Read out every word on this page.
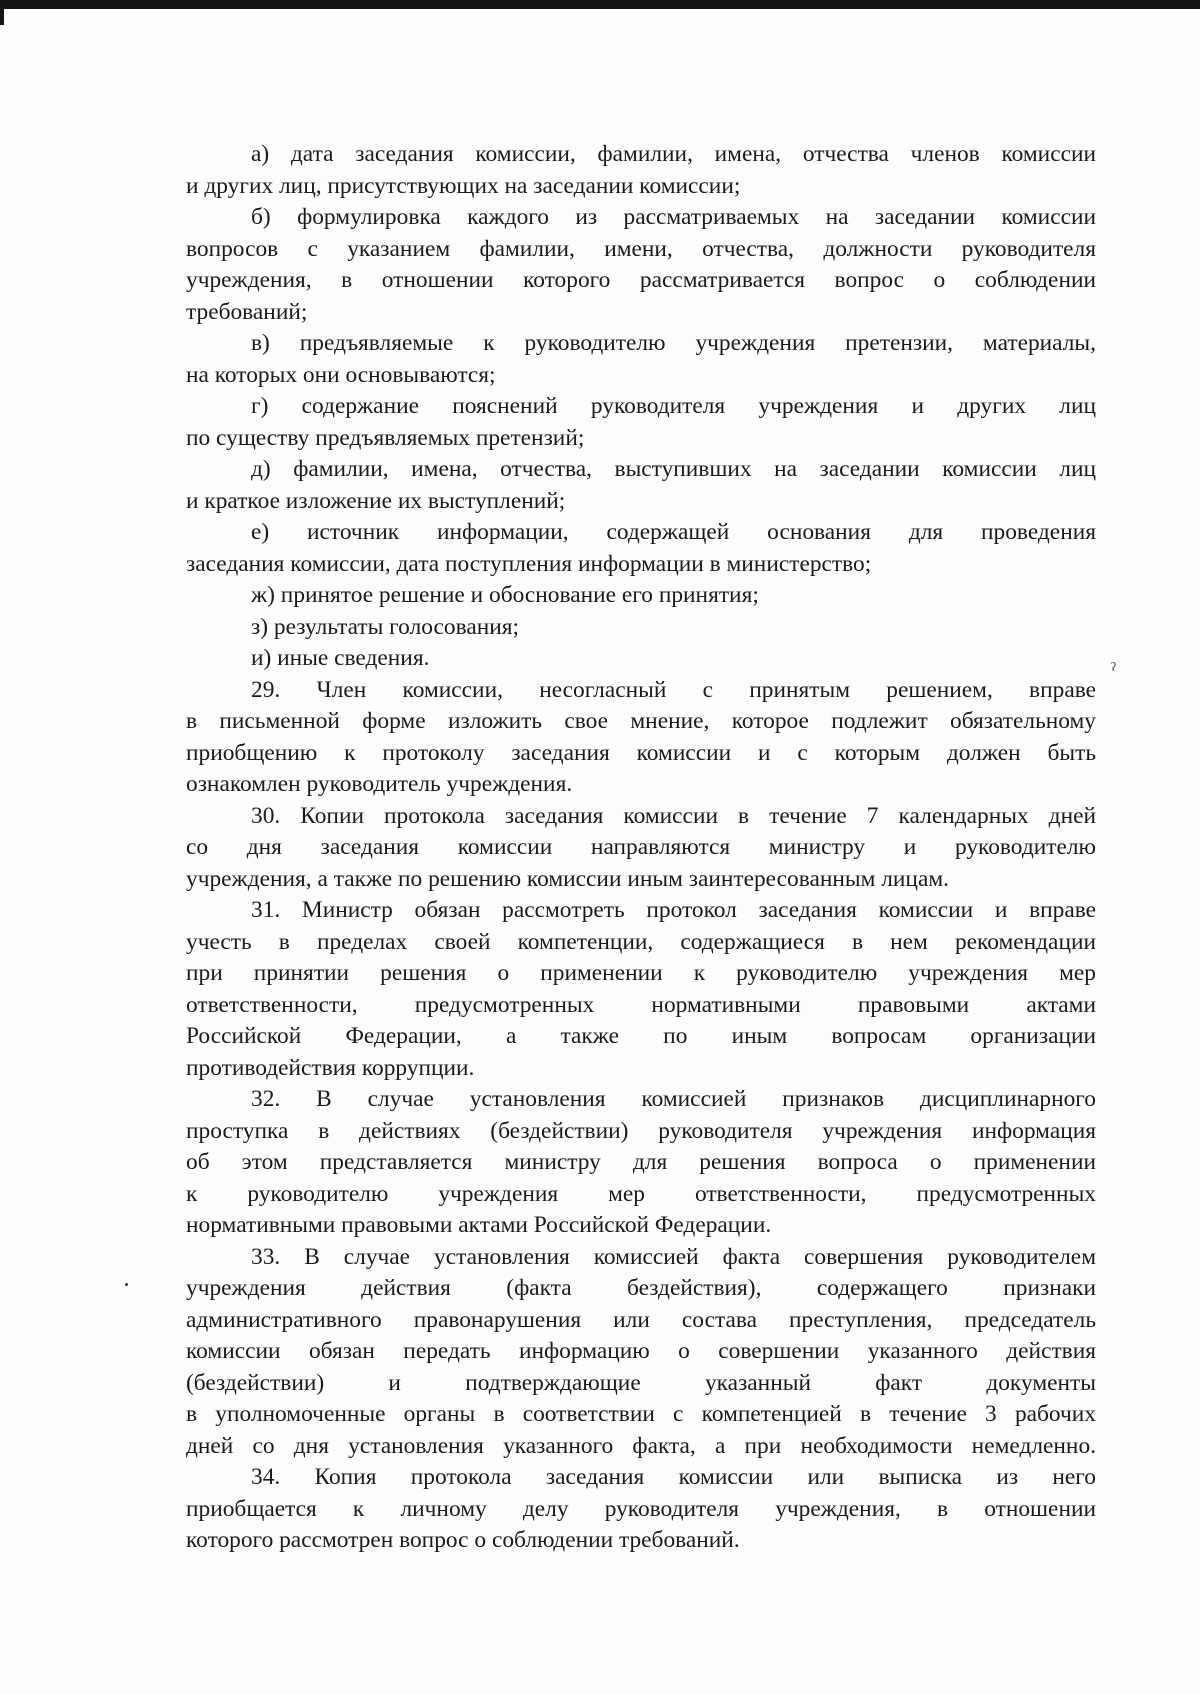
а) дата заседания комиссии, фамилии, имена, отчества членов комиссии
и других лиц, присутствующих на заседании комиссии;
б) формулировка каждого из рассматриваемых на заседании комиссии
вопросов с указанием фамилии, имени, отчества, должности руководителя
учреждения, в отношении которого рассматривается вопрос о соблюдении
требований;
в) предъявляемые к руководителю учреждения претензии, материалы,
на которых они основываются;
г) содержание пояснений руководителя учреждения и других лиц
по существу предъявляемых претензий;
д) фамилии, имена, отчества, выступивших на заседании комиссии лиц
и краткое изложение их выступлений;
е) источник информации, содержащей основания для проведения
заседания комиссии, дата поступления информации в министерство;
ж) принятое решение и обоснование его принятия;
з) результаты голосования;
и) иные сведения.
29. Член комиссии, несогласный с принятым решением, вправе
в письменной форме изложить свое мнение, которое подлежит обязательному
приобщению к протоколу заседания комиссии и с которым должен быть
ознакомлен руководитель учреждения.
30. Копии протокола заседания комиссии в течение 7 календарных дней
со дня заседания комиссии направляются министру и руководителю
учреждения, а также по решению комиссии иным заинтересованным лицам.
31. Министр обязан рассмотреть протокол заседания комиссии и вправе
учесть в пределах своей компетенции, содержащиеся в нем рекомендации
при принятии решения о применении к руководителю учреждения мер
ответственности, предусмотренных нормативными правовыми актами
Российской Федерации, а также по иным вопросам организации
противодействия коррупции.
32. В случае установления комиссией признаков дисциплинарного
проступка в действиях (бездействии) руководителя учреждения информация
об этом представляется министру для решения вопроса о применении
к руководителю учреждения мер ответственности, предусмотренных
нормативными правовыми актами Российской Федерации.
33. В случае установления комиссией факта совершения руководителем
учреждения действия (факта бездействия), содержащего признаки
административного правонарушения или состава преступления, председатель
комиссии обязан передать информацию о совершении указанного действия
(бездействии) и подтверждающие указанный факт документы
в уполномоченные органы в соответствии с компетенцией в течение 3 рабочих
дней со дня установления указанного факта, а при необходимости немедленно.
34. Копия протокола заседания комиссии или выписка из него
приобщается к личному делу руководителя учреждения, в отношении
которого рассмотрен вопрос о соблюдении требований.
ˀ
